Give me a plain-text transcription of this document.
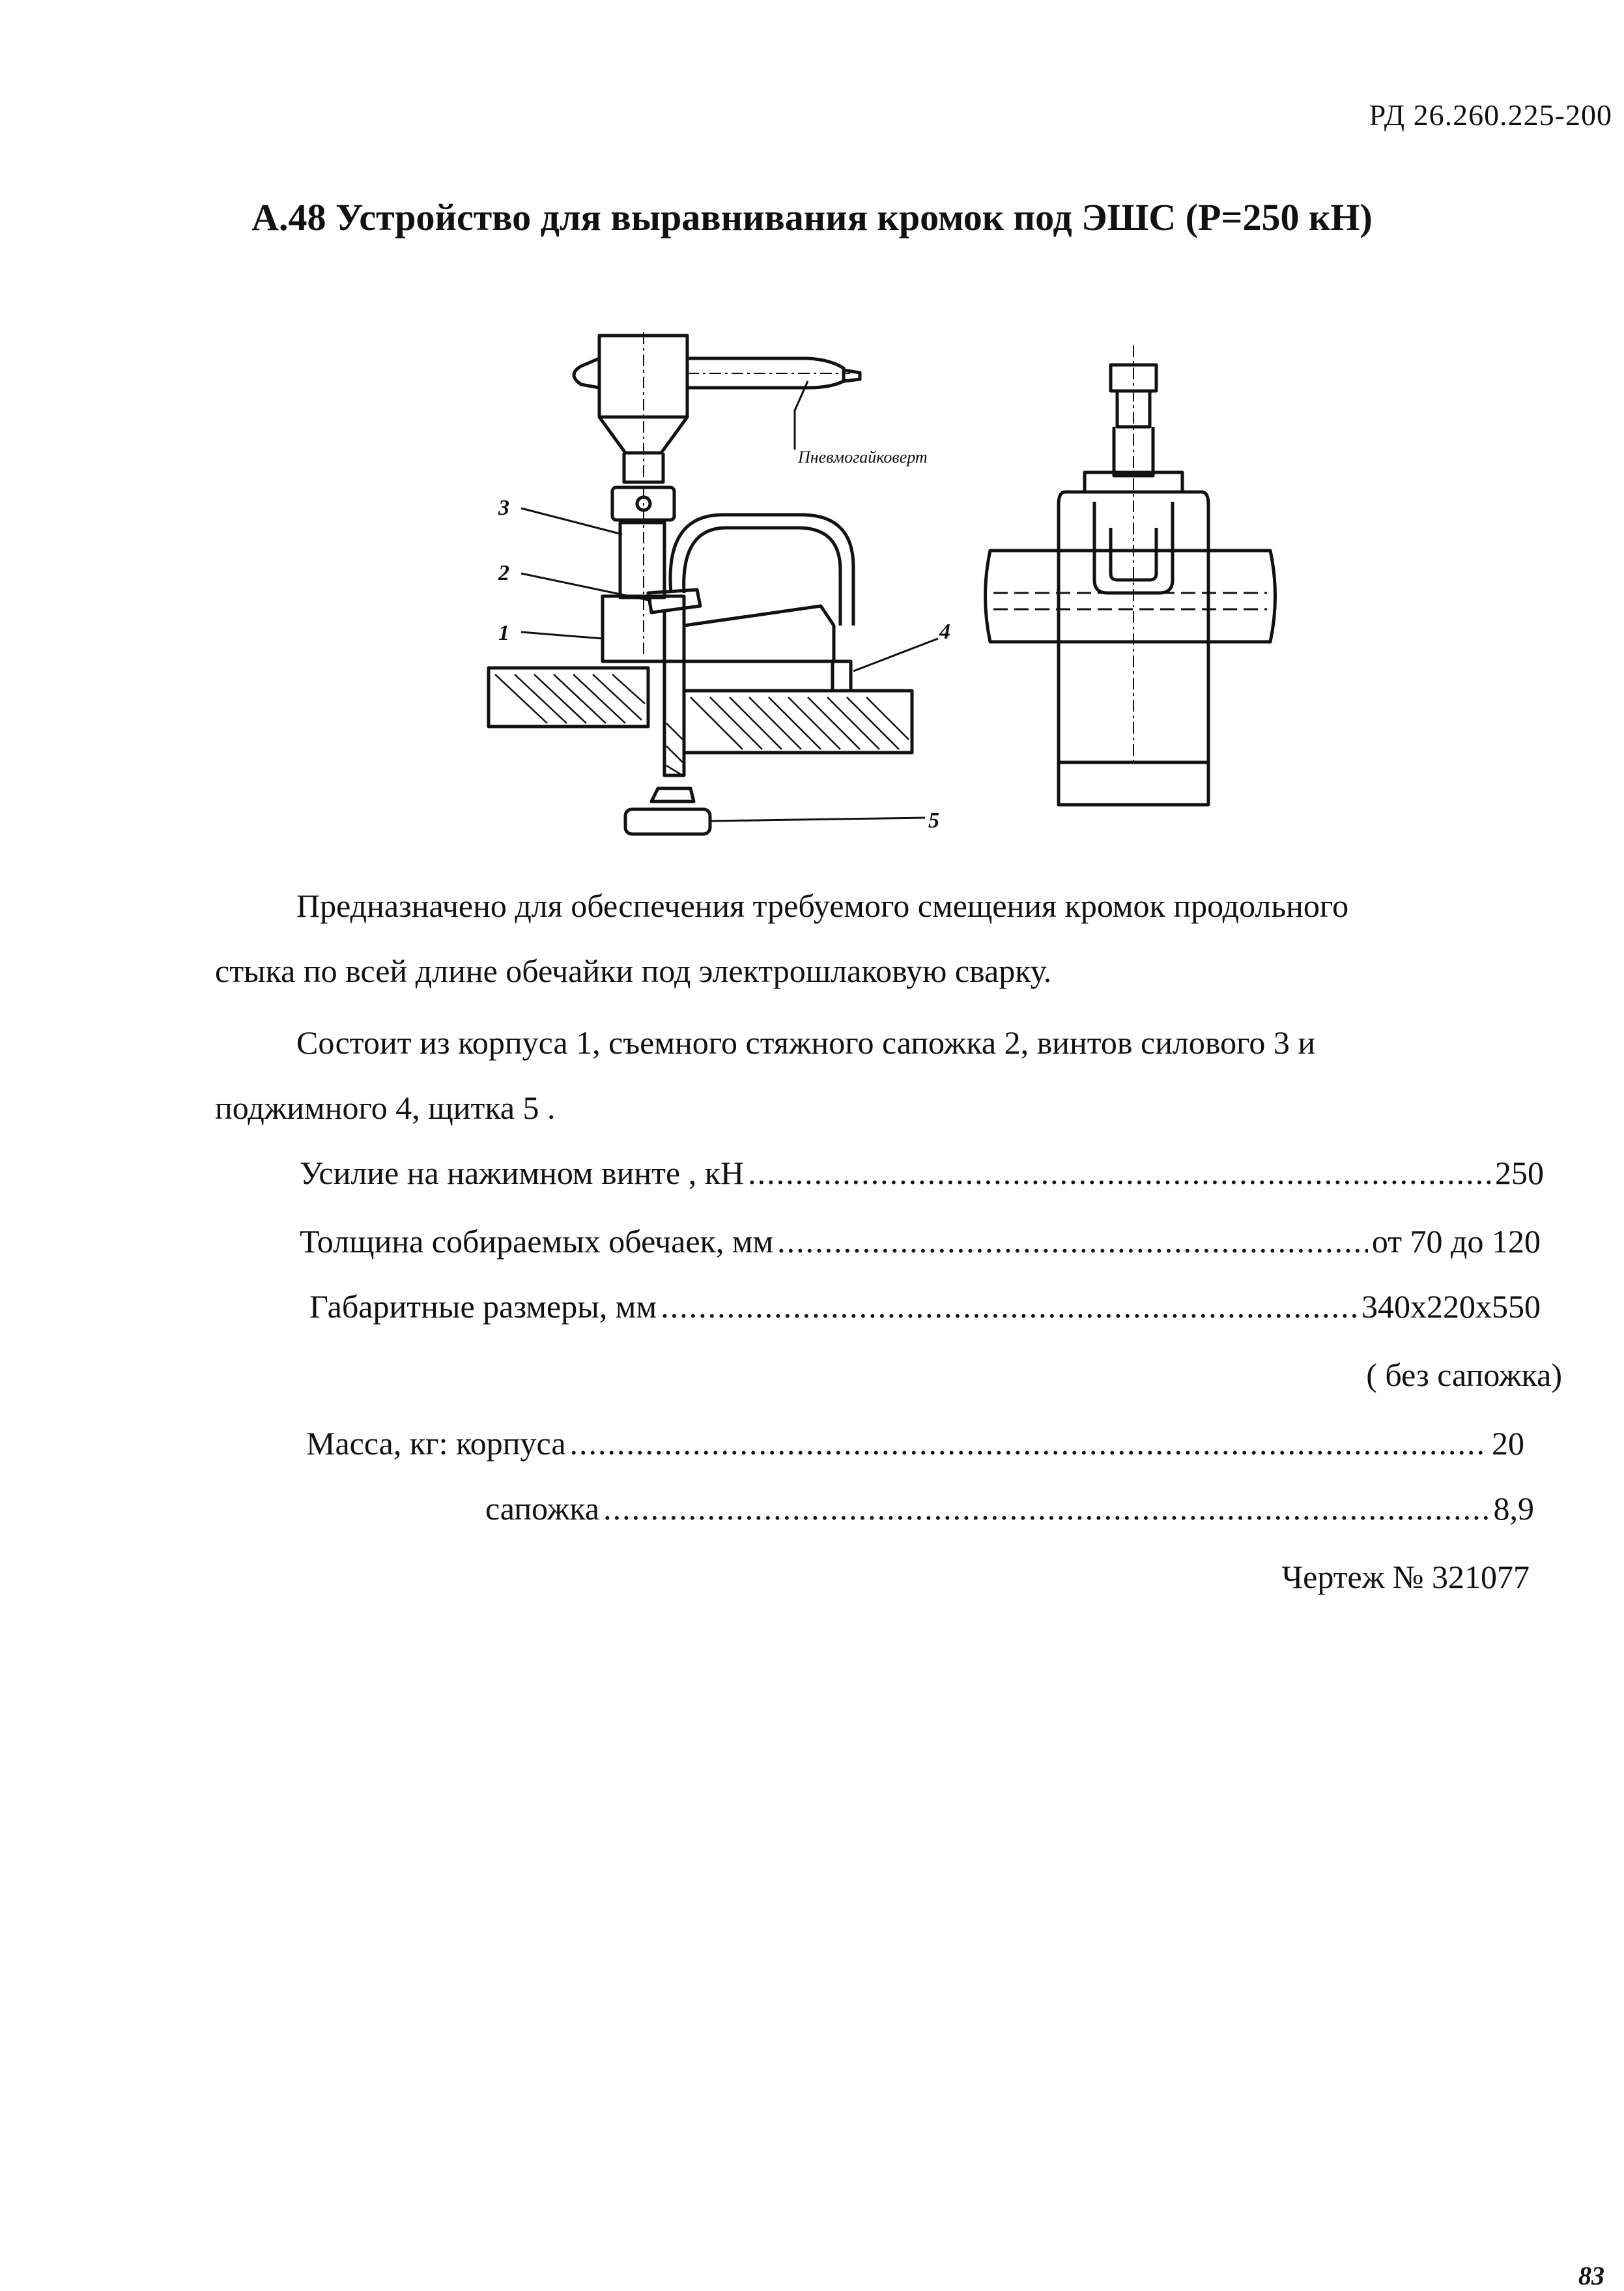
РД 26.260.225-200
А.48 Устройство для выравнивания кромок под ЭШС (Р=250 кН)
3
2
1	4
5
Пневмогайковерт
Предназначено для обеспечения требуемого смещения кромок продольного
стыка по всей длине обечайки под электрошлаковую сварку.
Состоит из корпуса 1, съемного стяжного сапожка 2, винтов силового 3 и
поджимного 4, щитка 5 .
Усилие на нажимном винте , кН .....	250
Толщина собираемых обечаек, мм .....	от 70 до 120
Габаритные размеры, мм .....	340х220х550
( без сапожка)
Масса, кг: корпуса .....	20
сапожка .....	8,9
Чертеж № 321077
83
